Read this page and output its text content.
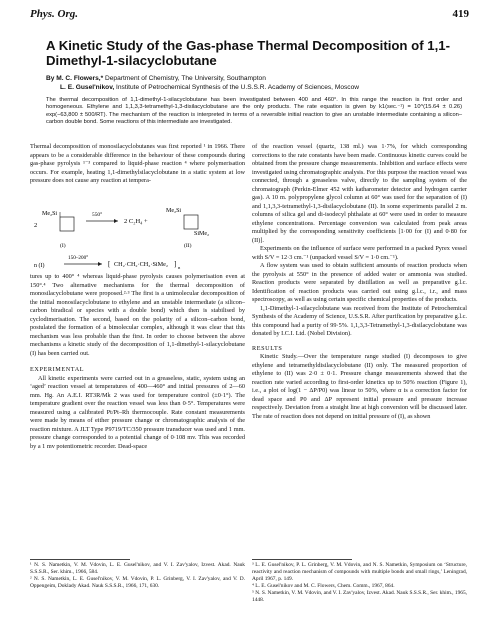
Phys. Org.	419
A Kinetic Study of the Gas-phase Thermal Decomposition of 1,1-Dimethyl-1-silacyclobutane
By M. C. Flowers,* Department of Chemistry, The University, Southampton
L. E. Gusel'nikov, Institute of Petrochemical Synthesis of the U.S.S.R. Academy of Sciences, Moscow
The thermal decomposition of 1,1-dimethyl-1-silacyclobutane has been investigated between 400 and 460°. In this range the reaction is first order and homogeneous. Ethylene and 1,1,3,3-tetramethyl-1,3-disilacyclobutane are the only products. The rate equation is given by k1(sec.⁻¹) = 10^(15.64 ± 0.26) exp(−63,800 ± 500/RT). The mechanism of the reaction is interpreted in terms of a reversible initial reaction to give an unstable intermediate containing a silicon–carbon double bond. Some reactions of this intermediate are investigated.

Thermal decomposition of monosilacyclobutanes was first reported ¹ in 1966. There appears to be a considerable difference in the behaviour of these compounds during gas-phase pyrolysis ¹⁻³ compared to liquid-phase reaction ⁴ where polymerisation occurs. For example, heating 1,1-dimethylsilacyclobutane in a static system at low pressure does not cause any reaction at tempera-

2
Me₂Si	550°
2 C₂H₄ +
Me₂Si
SiMe₂
(I)	(II)
n (I)
150–200°
[ CH₂·CH₂·CH₂·SiMe₂ ] n

tures up to 400° ⁴ whereas liquid-phase pyrolysis causes polymerisation even at 150°.⁴ Two alternative mechanisms for the thermal decomposition of monosilacyclobutane were proposed.²·³ The first is a unimolecular decomposition of the initial monosilacyclobutane to ethylene and an unstable intermediate (a silicon–carbon biradical or species with a double bond) which then is stabilised by cyclodimerisation. The second, based on the polarity of a silicon–carbon bond, postulated the formation of a bimolecular complex, although it was clear that this mechanism was less probable than the first. In order to choose between the above mechanisms a kinetic study of the decomposition of 1,1-dimethyl-1-silacyclobutane (I) has been carried out.

EXPERIMENTAL

All kinetic experiments were carried out in a greaseless, static, system using an ‘aged’ reaction vessel at temperatures of 400—460° and initial pressures of 2—60 mm. Hg. An A.E.I. RT3R/Mk 2 was used for temperature control (±0·1°). The temperature gradient over the reaction vessel was less than 0·5°. Temperatures were measured using a calibrated Pt/Pt–Rh thermocouple. Rate constant measurements were made by means of either pressure change or chromatographic analysis of the reaction mixture. A JLT Type P9719/TC/350 pressure transducer was used and 1 mm. pressure change corresponded to a potential change of 0·108 mv. This was recorded by a 1 mv potentiometric recorder. Dead-space

¹ N. S. Nametkin, V. M. Vdovin, L. E. Gusel'nikov, and V. I. Zav'yalov, Izvest. Akad. Nauk S.S.S.R., Ser. khim., 1966, 584.

² N. S. Nametkin, L. E. Gusel'nikov, V. M. Vdovin, P. L. Grinberg, V. I. Zav'yalov, and V. D. Oppengeim, Doklady Akad. Nauk S.S.S.R., 1966, 171, 630.

of the reaction vessel (quartz, 138 ml.) was 1·7%, for which corresponding corrections to the rate constants have been made. Continuous kinetic curves could be obtained from the pressure change measurements. Inhibition and surface effects were investigated using chromatographic analysis. For this purpose the reaction vessel was connected, through a greaseless valve, directly to the sampling system of the chromatograph (Perkin-Elmer 452 with katharometer detector and hydrogen carrier gas). A 10 m. polypropylene glycol column at 60° was used for the separation of (I) and 1,1,3,3-tetramethyl-1,3-disilacyclobutane (II). In some experiments parallel 2 m. columns of silica gel and di-isodecyl phthalate at 60° were used in order to measure ethylene concentrations. Percentage conversion was calculated from peak areas multiplied by the corresponding sensitivity coefficients [1·00 for (I) and 0·80 for (II)].

Experiments on the influence of surface were performed in a packed Pyrex vessel with S/V = 12·3 cm.⁻¹ (unpacked vessel S/V = 1·0 cm.⁻¹).

A flow system was used to obtain sufficient amounts of reaction products when the pyrolysis at 550° in the presence of added water or ammonia was studied. Reaction products were separated by distillation as well as preparative g.l.c. Identification of reaction products was carried out using g.l.c., i.r., and mass spectroscopy, as well as using certain specific chemical properties of the products.

1,1-Dimethyl-1-silacyclobutane was received from the Institute of Petrochemical Synthesis of the Academy of Science, U.S.S.R. After purification by preparative g.l.c. this compound had a purity of 99·5%. 1,1,3,3-Tetramethyl-1,3-disilacyclobutane was donated by I.C.I. Ltd. (Nobel Division).

RESULTS

Kinetic Study.—Over the temperature range studied (I) decomposes to give ethylene and tetramethyldisilacyclobutane (II) only. The measured proportion of ethylene to (II) was 2·0 ± 0·1. Pressure change measurements showed that the reaction rate varied according to first-order kinetics up to 50% reaction (Figure 1), i.e., a plot of log(1 − ΔP/P0) was linear to 50%, where α is a correction factor for dead space and P0 and ΔP represent initial pressure and pressure increase respectively. Deviation from a straight line at high conversion will be discussed later. The rate of reaction does not depend on initial pressure of (I), as shown

³ L. E. Gusel'nikov, P. L. Grinberg, V. M. Vdovin, and N. S. Nametkin, Symposium on ‘Structure, reactivity and reaction mechanism of compounds with multiple bonds and small rings,’ Leningrad, April 1967, p. 149.

⁴ L. E. Gusel'nikov and M. C. Flowers, Chem. Comm., 1967, 864.

⁵ N. S. Nametkin, V. M. Vdovin, and V. I. Zav'yalov, Izvest. Akad. Nauk S.S.S.R., Ser. khim., 1965, 1448.
